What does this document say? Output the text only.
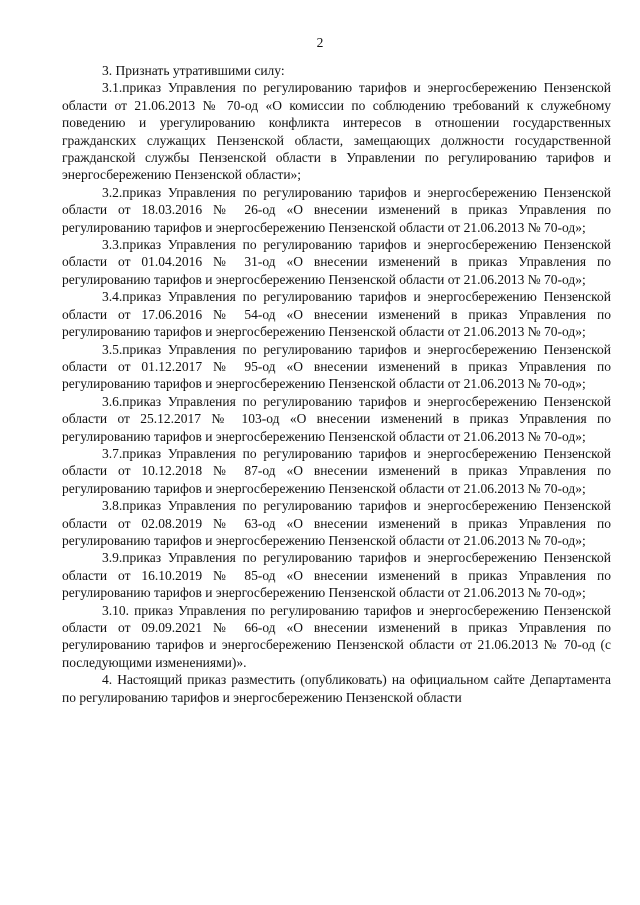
2

3. Признать утратившими силу:

3.1.приказ Управления по регулированию тарифов и энергосбережению Пензенской области от 21.06.2013 № 70-од «О комиссии по соблюдению требований к служебному поведению и урегулированию конфликта интересов в отношении государственных гражданских служащих Пензенской области, замещающих должности государственной гражданской службы Пензенской области в Управлении по регулированию тарифов и энергосбережению Пензенской области»;

3.2.приказ Управления по регулированию тарифов и энергосбережению Пензенской области от 18.03.2016 № 26-од «О внесении изменений в приказ Управления по регулированию тарифов и энергосбережению Пензенской области от 21.06.2013 № 70-од»;

3.3.приказ Управления по регулированию тарифов и энергосбережению Пензенской области от 01.04.2016 № 31-од «О внесении изменений в приказ Управления по регулированию тарифов и энергосбережению Пензенской области от 21.06.2013 № 70-од»;

3.4.приказ Управления по регулированию тарифов и энергосбережению Пензенской области от 17.06.2016 № 54-од «О внесении изменений в приказ Управления по регулированию тарифов и энергосбережению Пензенской области от 21.06.2013 № 70-од»;

3.5.приказ Управления по регулированию тарифов и энергосбережению Пензенской области от 01.12.2017 № 95-од «О внесении изменений в приказ Управления по регулированию тарифов и энергосбережению Пензенской области от 21.06.2013 № 70-од»;

3.6.приказ Управления по регулированию тарифов и энергосбережению Пензенской области от 25.12.2017 № 103-од «О внесении изменений в приказ Управления по регулированию тарифов и энергосбережению Пензенской области от 21.06.2013 № 70-од»;

3.7.приказ Управления по регулированию тарифов и энергосбережению Пензенской области от 10.12.2018 № 87-од «О внесении изменений в приказ Управления по регулированию тарифов и энергосбережению Пензенской области от 21.06.2013 № 70-од»;

3.8.приказ Управления по регулированию тарифов и энергосбережению Пензенской области от 02.08.2019 № 63-од «О внесении изменений в приказ Управления по регулированию тарифов и энергосбережению Пензенской области от 21.06.2013 № 70-од»;

3.9.приказ Управления по регулированию тарифов и энергосбережению Пензенской области от 16.10.2019 № 85-од «О внесении изменений в приказ Управления по регулированию тарифов и энергосбережению Пензенской области от 21.06.2013 № 70-од»;

3.10. приказ Управления по регулированию тарифов и энергосбережению Пензенской области от 09.09.2021 № 66-од «О внесении изменений в приказ Управления по регулированию тарифов и энергосбережению Пензенской области от 21.06.2013 № 70-од (с последующими изменениями)».

4. Настоящий приказ разместить (опубликовать) на официальном сайте Департамента по регулированию тарифов и энергосбережению Пензенской области
